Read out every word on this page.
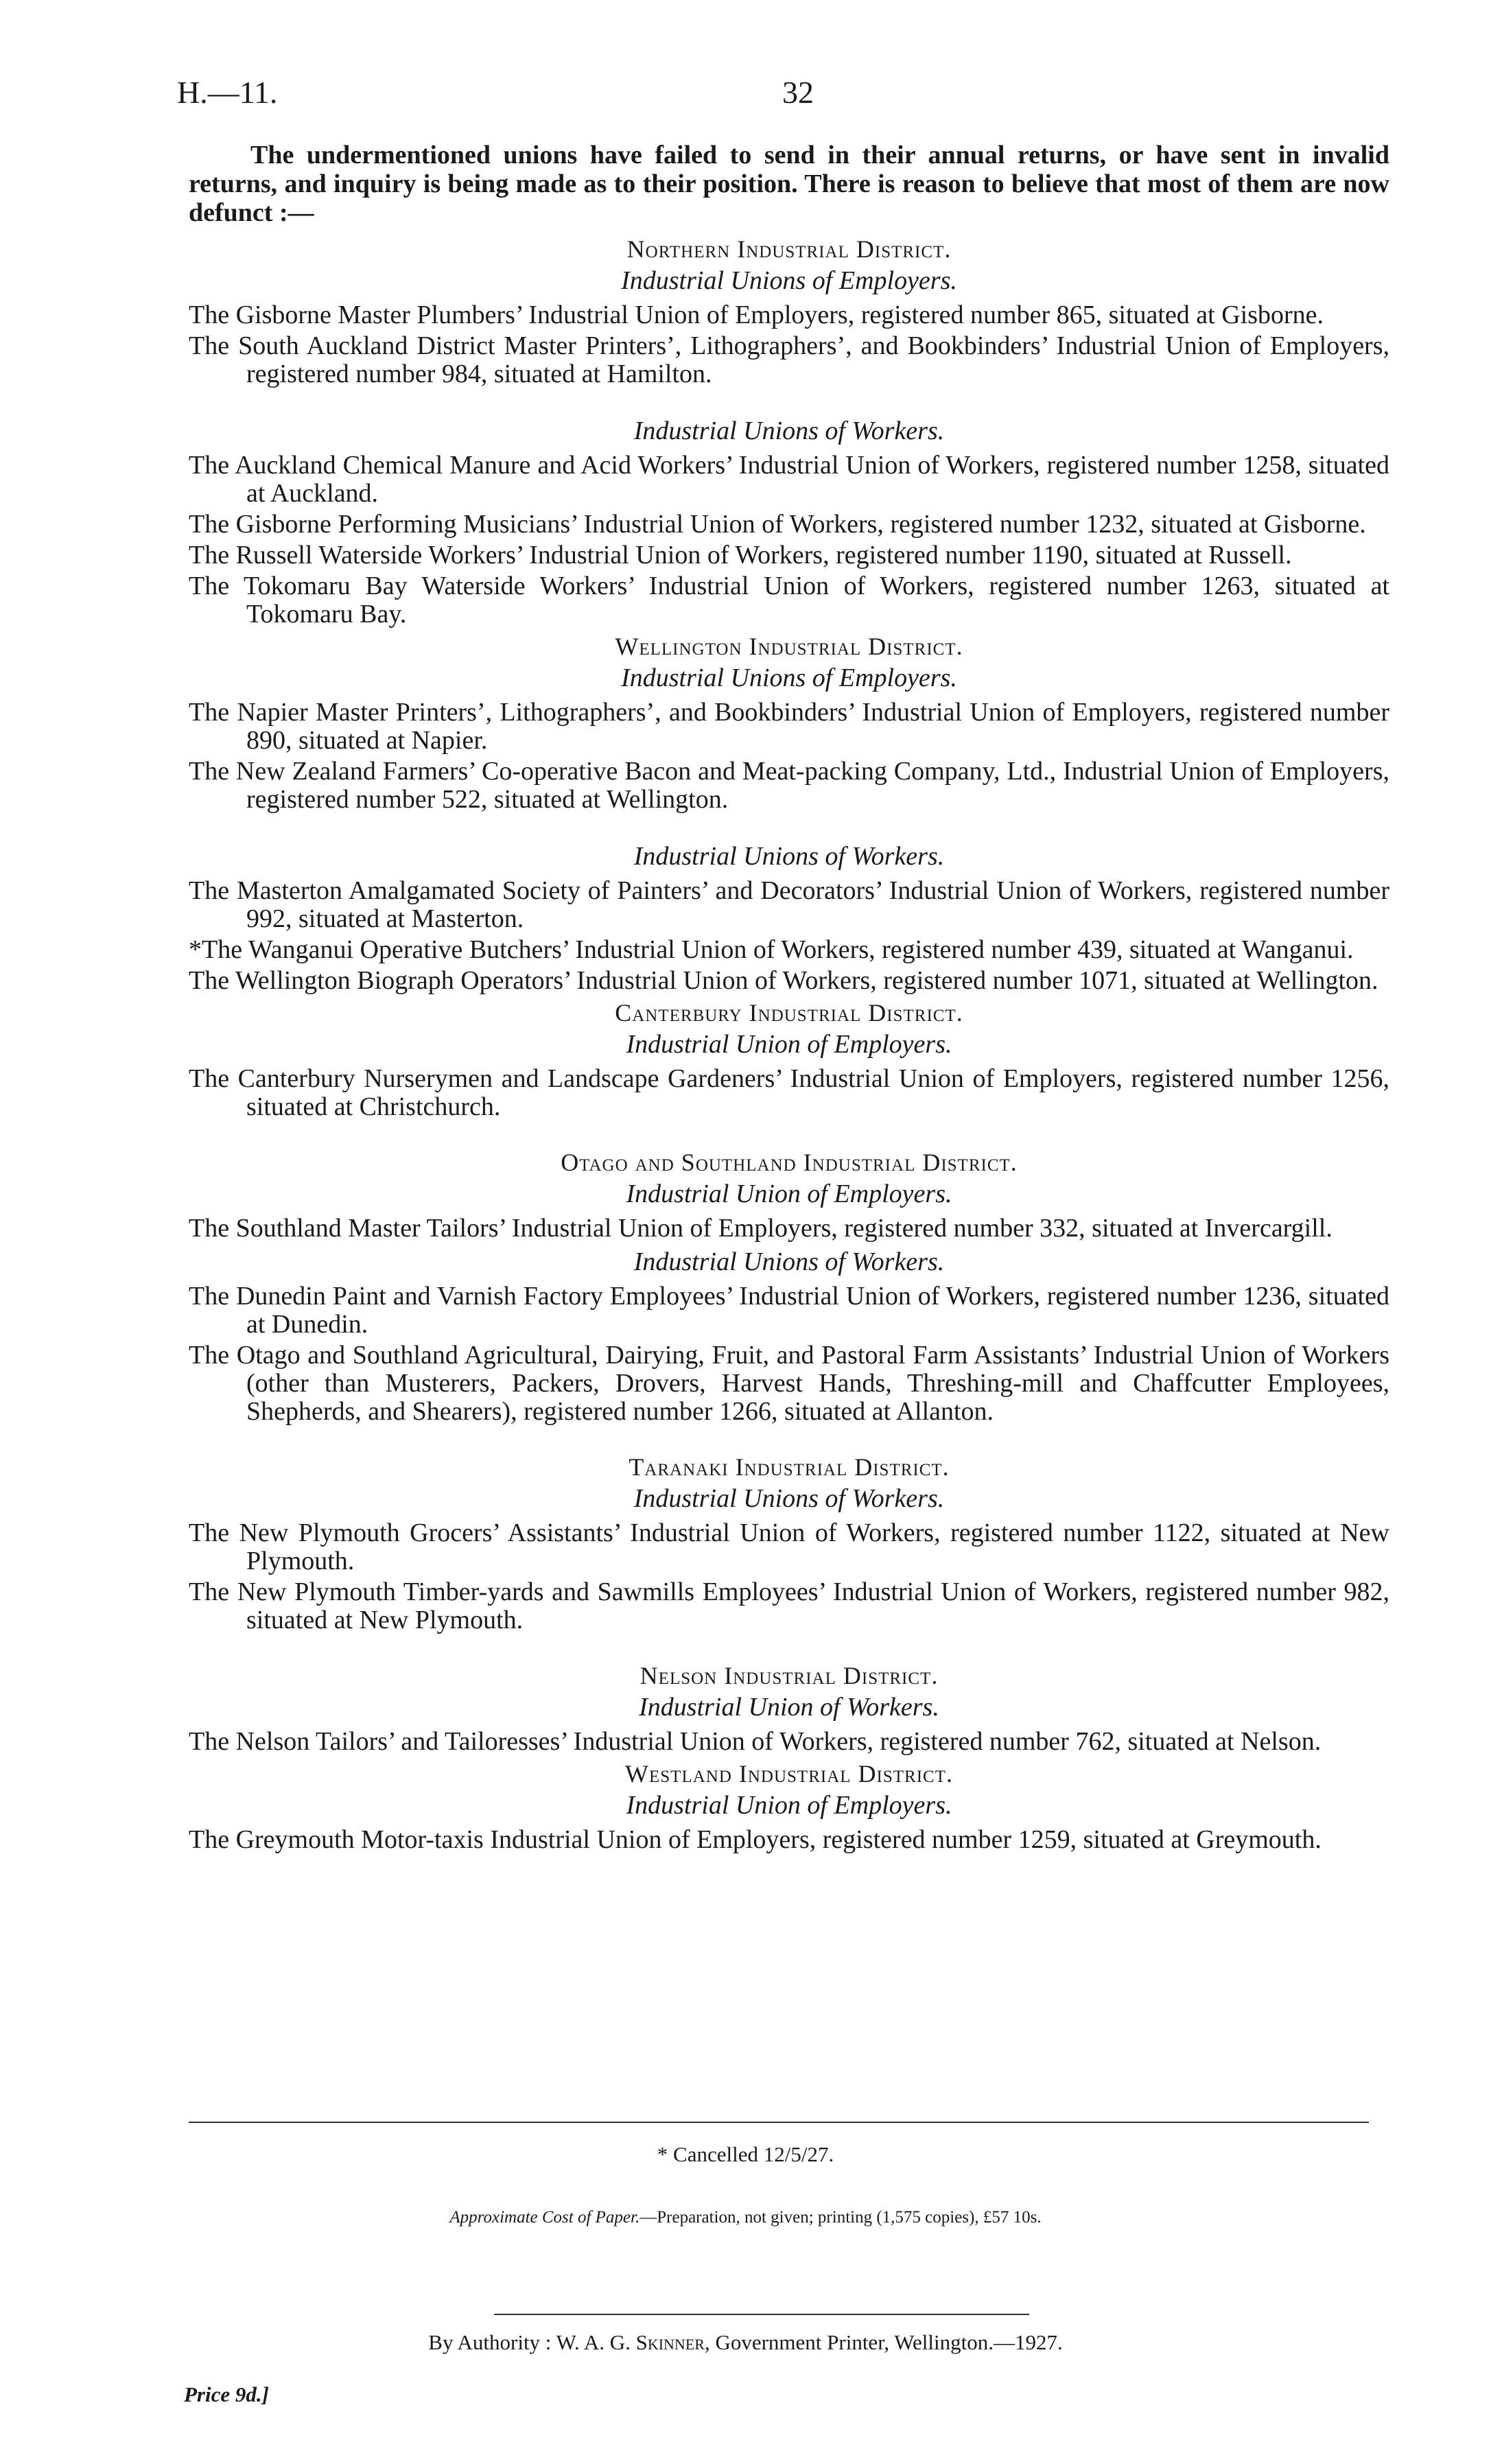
H.—11.	32

The undermentioned unions have failed to send in their annual returns, or have sent in invalid returns, and inquiry is being made as to their position. There is reason to believe that most of them are now defunct :—

Northern Industrial District.

Industrial Unions of Employers.

The Gisborne Master Plumbers’ Industrial Union of Employers, registered number 865, situated at Gisborne.

The South Auckland District Master Printers’, Lithographers’, and Bookbinders’ Industrial Union of Employers, registered number 984, situated at Hamilton.

Industrial Unions of Workers.

The Auckland Chemical Manure and Acid Workers’ Industrial Union of Workers, registered number 1258, situated at Auckland.

The Gisborne Performing Musicians’ Industrial Union of Workers, registered number 1232, situated at Gisborne.

The Russell Waterside Workers’ Industrial Union of Workers, registered number 1190, situated at Russell.

The Tokomaru Bay Waterside Workers’ Industrial Union of Workers, registered number 1263, situated at Tokomaru Bay.

Wellington Industrial District.

Industrial Unions of Employers.

The Napier Master Printers’, Lithographers’, and Bookbinders’ Industrial Union of Employers, registered number 890, situated at Napier.

The New Zealand Farmers’ Co-operative Bacon and Meat-packing Company, Ltd., Industrial Union of Employers, registered number 522, situated at Wellington.

Industrial Unions of Workers.

The Masterton Amalgamated Society of Painters’ and Decorators’ Industrial Union of Workers, registered number 992, situated at Masterton.

*The Wanganui Operative Butchers’ Industrial Union of Workers, registered number 439, situated at Wanganui.

The Wellington Biograph Operators’ Industrial Union of Workers, registered number 1071, situated at Wellington.

Canterbury Industrial District.

Industrial Union of Employers.

The Canterbury Nurserymen and Landscape Gardeners’ Industrial Union of Employers, registered number 1256, situated at Christchurch.

Otago and Southland Industrial District.

Industrial Union of Employers.

The Southland Master Tailors’ Industrial Union of Employers, registered number 332, situated at Invercargill.

Industrial Unions of Workers.

The Dunedin Paint and Varnish Factory Employees’ Industrial Union of Workers, registered number 1236, situated at Dunedin.

The Otago and Southland Agricultural, Dairying, Fruit, and Pastoral Farm Assistants’ Industrial Union of Workers (other than Musterers, Packers, Drovers, Harvest Hands, Threshing-mill and Chaffcutter Employees, Shepherds, and Shearers), registered number 1266, situated at Allanton.

Taranaki Industrial District.

Industrial Unions of Workers.

The New Plymouth Grocers’ Assistants’ Industrial Union of Workers, registered number 1122, situated at New Plymouth.

The New Plymouth Timber-yards and Sawmills Employees’ Industrial Union of Workers, registered number 982, situated at New Plymouth.

Nelson Industrial District.

Industrial Union of Workers.

The Nelson Tailors’ and Tailoresses’ Industrial Union of Workers, registered number 762, situated at Nelson.

Westland Industrial District.

Industrial Union of Employers.

The Greymouth Motor-taxis Industrial Union of Employers, registered number 1259, situated at Greymouth.

* Cancelled 12/5/27.
Approximate Cost of Paper.—Preparation, not given; printing (1,575 copies), £57 10s.
By Authority : W. A. G. Skinner, Government Printer, Wellington.—1927.
Price 9d.]
